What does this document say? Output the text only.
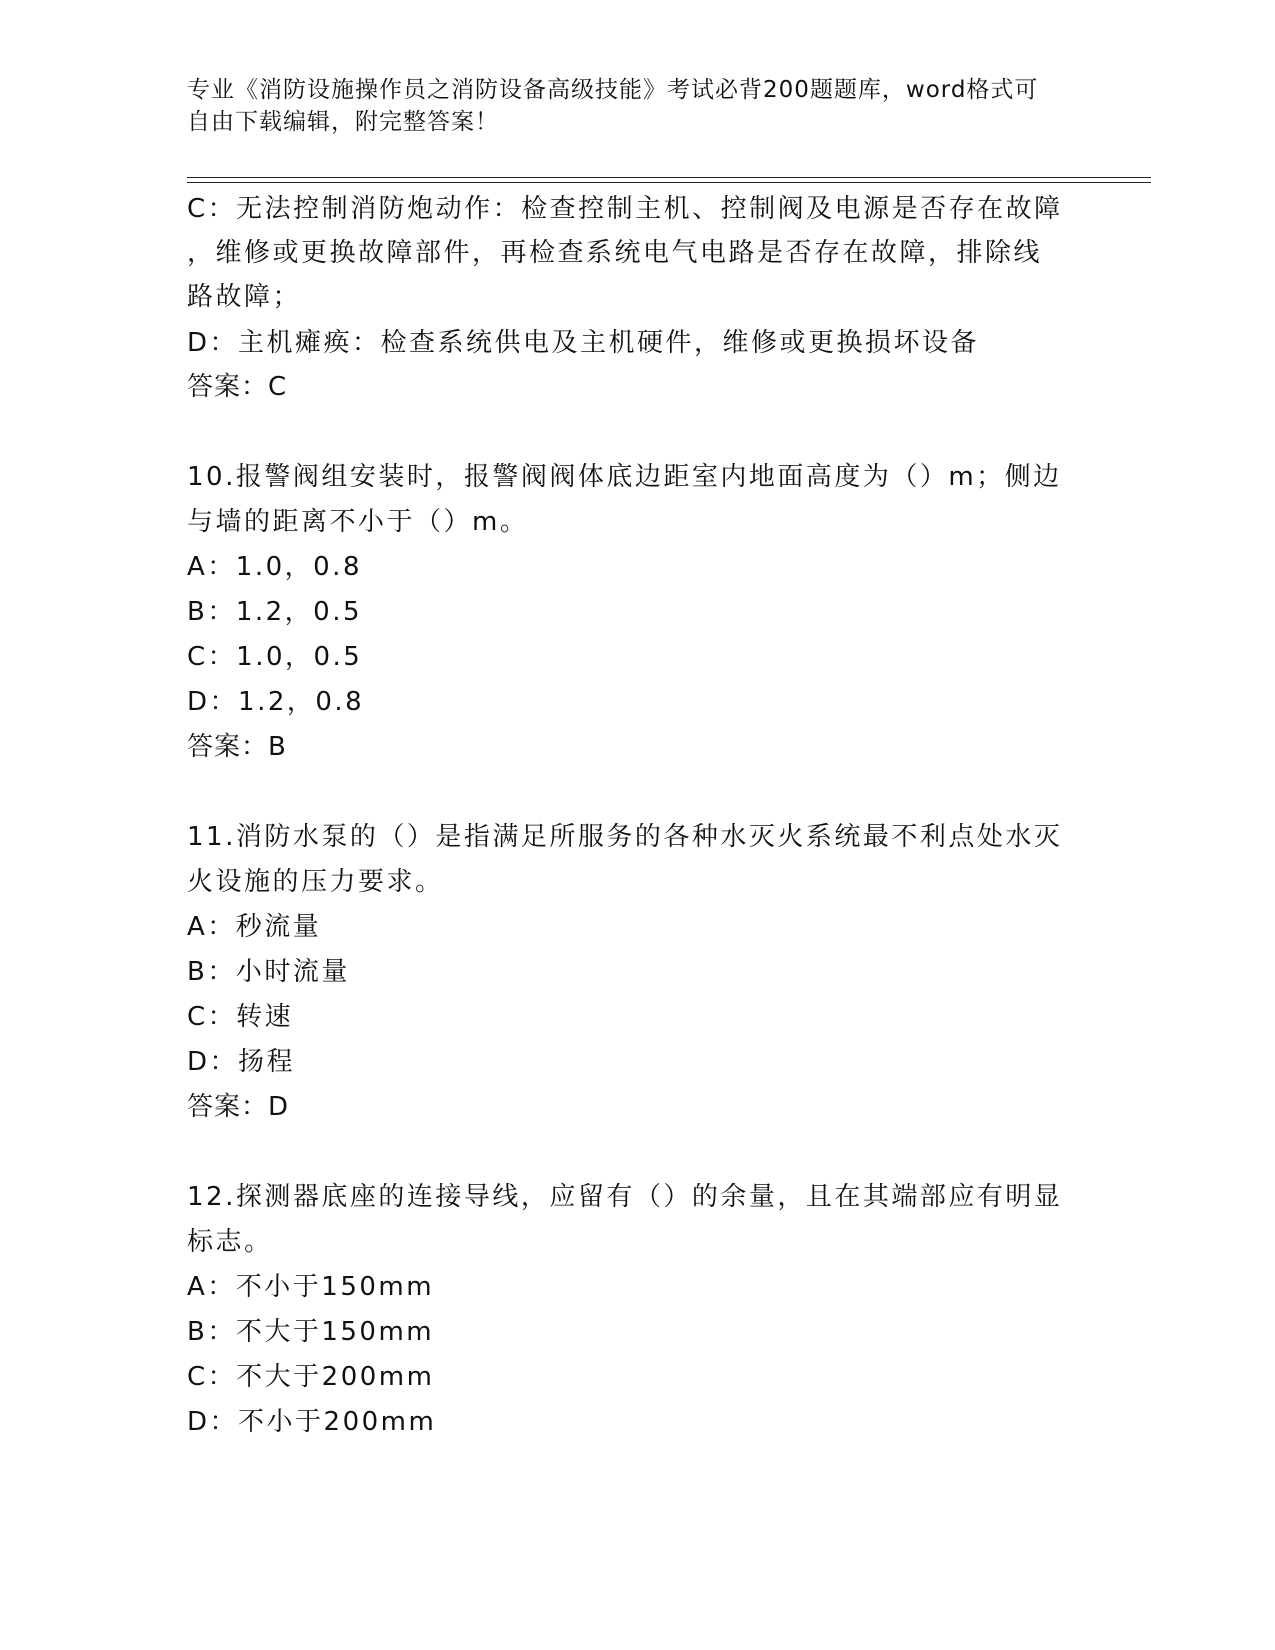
专业《消防设施操作员之消防设备高级技能》考试必背200题题库，word格式可
自由下载编辑，附完整答案！
C：无法控制消防炮动作：检查控制主机、控制阀及电源是否存在故障
，维修或更换故障部件，再检查系统电气电路是否存在故障，排除线
路故障；
D：主机瘫痪：检查系统供电及主机硬件，维修或更换损坏设备
答案：C
10.报警阀组安装时，报警阀阀体底边距室内地面高度为（）m；侧边
与墙的距离不小于（）m。
A：1.0，0.8
B：1.2，0.5
C：1.0，0.5
D：1.2，0.8
答案：B
11.消防水泵的（）是指满足所服务的各种水灭火系统最不利点处水灭
火设施的压力要求。
A：秒流量
B：小时流量
C：转速
D：扬程
答案：D
12.探测器底座的连接导线，应留有（）的余量，且在其端部应有明显
标志。
A：不小于150mm
B：不大于150mm
C：不大于200mm
D：不小于200mm
